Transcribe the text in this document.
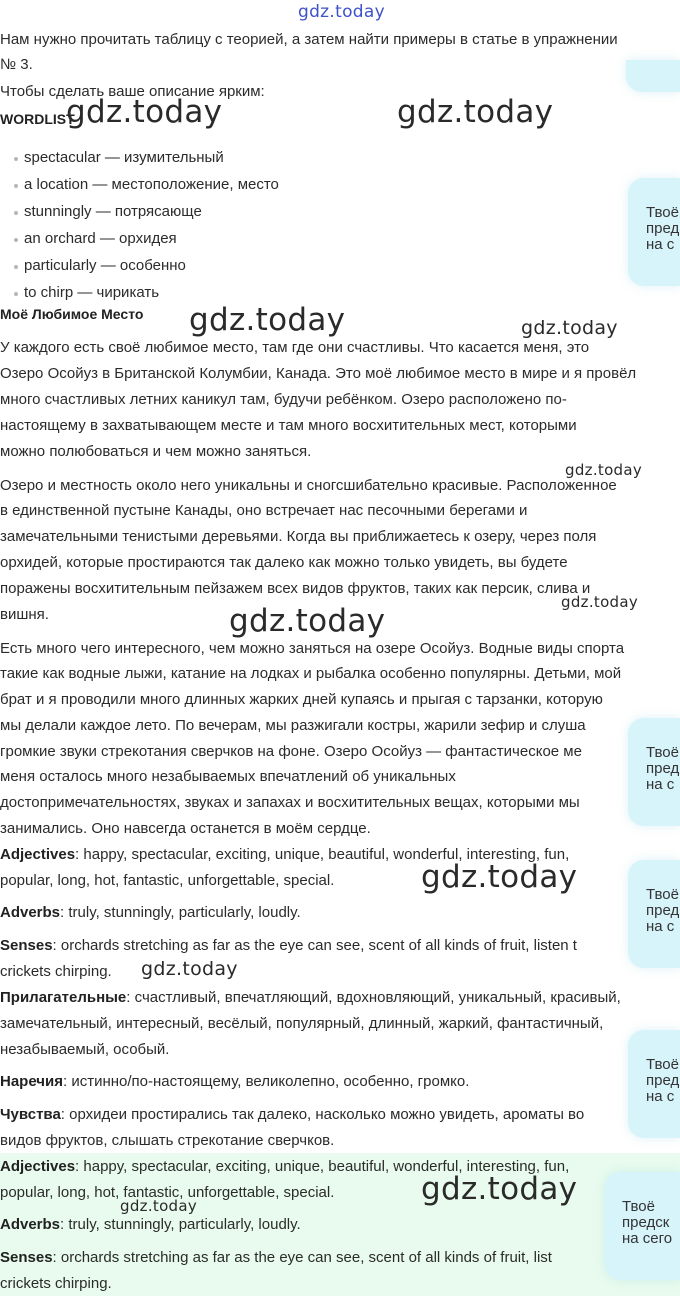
gdz.today

Нам нужно прочитать таблицу с теорией, а затем найти примеры в статье в упражнении

№ 3.

Чтобы сделать ваше описание ярким:

WORDLIST
spectacular — изумительный
a location — местоположение, место
stunningly — потрясающе
an orchard — орхидея
particularly — особенно
to chirp — чирикать
Моё Любимое Место

У каждого есть своё любимое место, там где они счастливы. Что касается меня, это

Озеро Осойуз в Британской Колумбии, Канада. Это моё любимое место в мире и я провёл

много счастливых летних каникул там, будучи ребёнком. Озеро расположено по-

настоящему в захватывающем месте и там много восхитительных мест, которыми

можно полюбоваться и чем можно заняться.

Озеро и местность около него уникальны и сногсшибательно красивые. Расположенное

в единственной пустыне Канады, оно встречает нас песочными берегами и

замечательными тенистыми деревьями. Когда вы приближаетесь к озеру, через поля

орхидей, которые простираются так далеко как можно только увидеть, вы будете

поражены восхитительным пейзажем всех видов фруктов, таких как персик, слива и

вишня.

Есть много чего интересного, чем можно заняться на озере Осойуз. Водные виды спорта

такие как водные лыжи, катание на лодках и рыбалка особенно популярны. Детьми, мой

брат и я проводили много длинных жарких дней купаясь и прыгая с тарзанки, которую

мы делали каждое лето. По вечерам, мы разжигали костры, жарили зефир и слуша

громкие звуки стрекотания сверчков на фоне. Озеро Осойуз — фантастическое ме

меня осталось много незабываемых впечатлений об уникальных

достопримечательностях, звуках и запахах и восхитительных вещах, которыми мы

занимались. Оно навсегда останется в моём сердце.

Adjectives: happy, spectacular, exciting, unique, beautiful, wonderful, interesting, fun,

popular, long, hot, fantastic, unforgettable, special.

Adverbs: truly, stunningly, particularly, loudly.

Senses: orchards stretching as far as the eye can see, scent of all kinds of fruit, listen t

crickets chirping.

Прилагательные: счастливый, впечатляющий, вдохновляющий, уникальный, красивый,

замечательный, интересный, весёлый, популярный, длинный, жаркий, фантастичный,

незабываемый, особый.

Наречия: истинно/по-настоящему, великолепно, особенно, громко.

Чувства: орхидеи простирались так далеко, насколько можно увидеть, ароматы во

видов фруктов, слышать стрекотание сверчков.

Adjectives: happy, spectacular, exciting, unique, beautiful, wonderful, interesting, fun,

popular, long, hot, fantastic, unforgettable, special.

Adverbs: truly, stunningly, particularly, loudly.

Senses: orchards stretching as far as the eye can see, scent of all kinds of fruit, list

crickets chirping.

gdz.today	gdz.today
gdz.today	gdz.today
gdz.today
gdz.today
gdz.today
gdz.today
gdz.today
gdz.today
gdz.today
Твоё
пред
на с
Твоё
пред
на с
Твоё
пред
на с
Твоё
пред
на с
Твоё
предск
на сего
